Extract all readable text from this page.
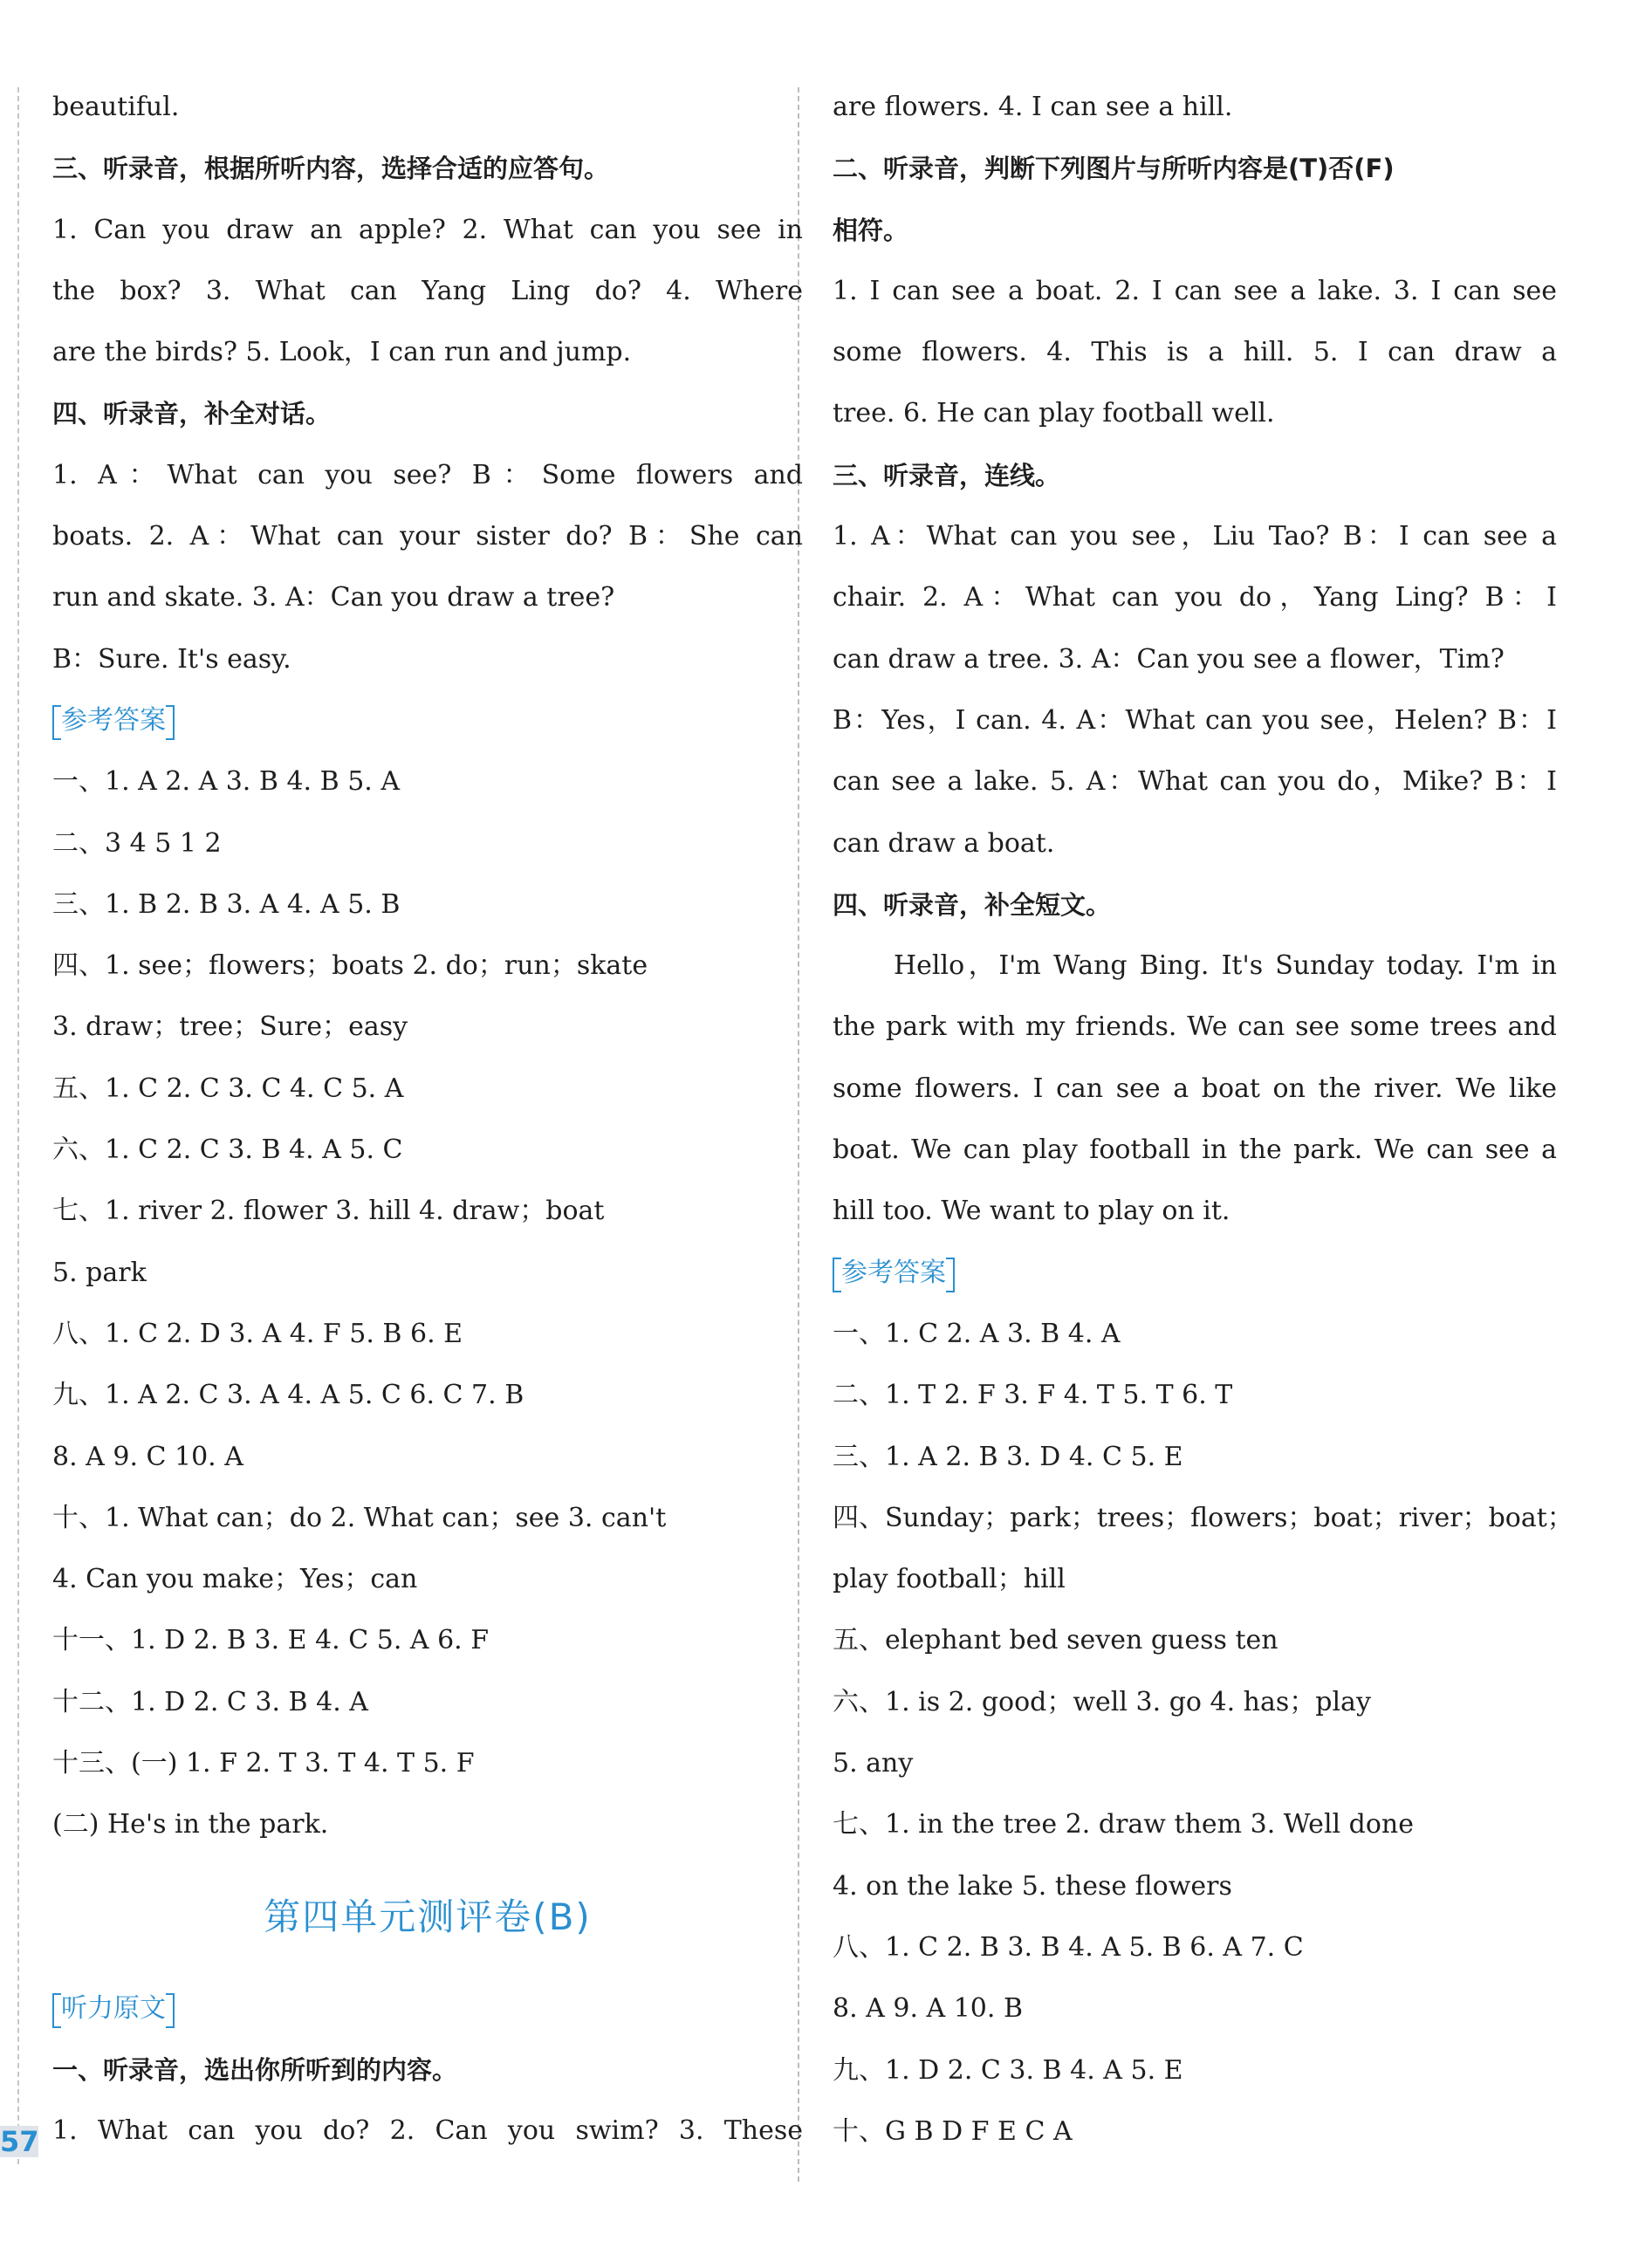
beautiful.
三、听录音，根据所听内容，选择合适的应答句。
1. Can you draw an apple? 2. What can you see in
the box? 3. What can Yang Ling do? 4. Where
are the birds? 5. Look，I can run and jump.
四、听录音，补全对话。
1. A：What can you see? B：Some flowers and
boats. 2. A：What can your sister do? B：She can
run and skate. 3. A：Can you draw a tree?
B：Sure. It's easy.
参考答案
一、1. A 2. A 3. B 4. B 5. A
二、3 4 5 1 2
三、1. B 2. B 3. A 4. A 5. B
四、1. see；flowers；boats 2. do；run；skate
3. draw；tree；Sure；easy
五、1. C 2. C 3. C 4. C 5. A
六、1. C 2. C 3. B 4. A 5. C
七、1. river 2. flower 3. hill 4. draw；boat
5. park
八、1. C 2. D 3. A 4. F 5. B 6. E
九、1. A 2. C 3. A 4. A 5. C 6. C 7. B
8. A 9. C 10. A
十、1. What can；do 2. What can；see 3. can't
4. Can you make；Yes；can
十一、1. D 2. B 3. E 4. C 5. A 6. F
十二、1. D 2. C 3. B 4. A
十三、(一) 1. F 2. T 3. T 4. T 5. F
(二) He's in the park.
第四单元测评卷(B)
听力原文
一、听录音，选出你所听到的内容。
1. What can you do? 2. Can you swim? 3. These
are flowers. 4. I can see a hill.
二、听录音，判断下列图片与所听内容是(T)否(F)
相符。
1. I can see a boat. 2. I can see a lake. 3. I can see
some flowers. 4. This is a hill. 5. I can draw a
tree. 6. He can play football well.
三、听录音，连线。
1. A：What can you see，Liu Tao? B：I can see a
chair. 2. A：What can you do，Yang Ling? B：I
can draw a tree. 3. A：Can you see a flower，Tim?
B：Yes，I can. 4. A：What can you see，Helen? B：I
can see a lake. 5. A：What can you do，Mike? B：I
can draw a boat.
四、听录音，补全短文。
Hello，I'm Wang Bing. It's Sunday today. I'm in
the park with my friends. We can see some trees and
some flowers. I can see a boat on the river. We like
boat. We can play football in the park. We can see a
hill too. We want to play on it.
参考答案
一、1. C 2. A 3. B 4. A
二、1. T 2. F 3. F 4. T 5. T 6. T
三、1. A 2. B 3. D 4. C 5. E
四、Sunday；park；trees；flowers；boat；river；boat；
play football；hill
五、elephant bed seven guess ten
六、1. is 2. good；well 3. go 4. has；play
5. any
七、1. in the tree 2. draw them 3. Well done
4. on the lake 5. these flowers
八、1. C 2. B 3. B 4. A 5. B 6. A 7. C
8. A 9. A 10. B
九、1. D 2. C 3. B 4. A 5. E
十、G B D F E C A
57
